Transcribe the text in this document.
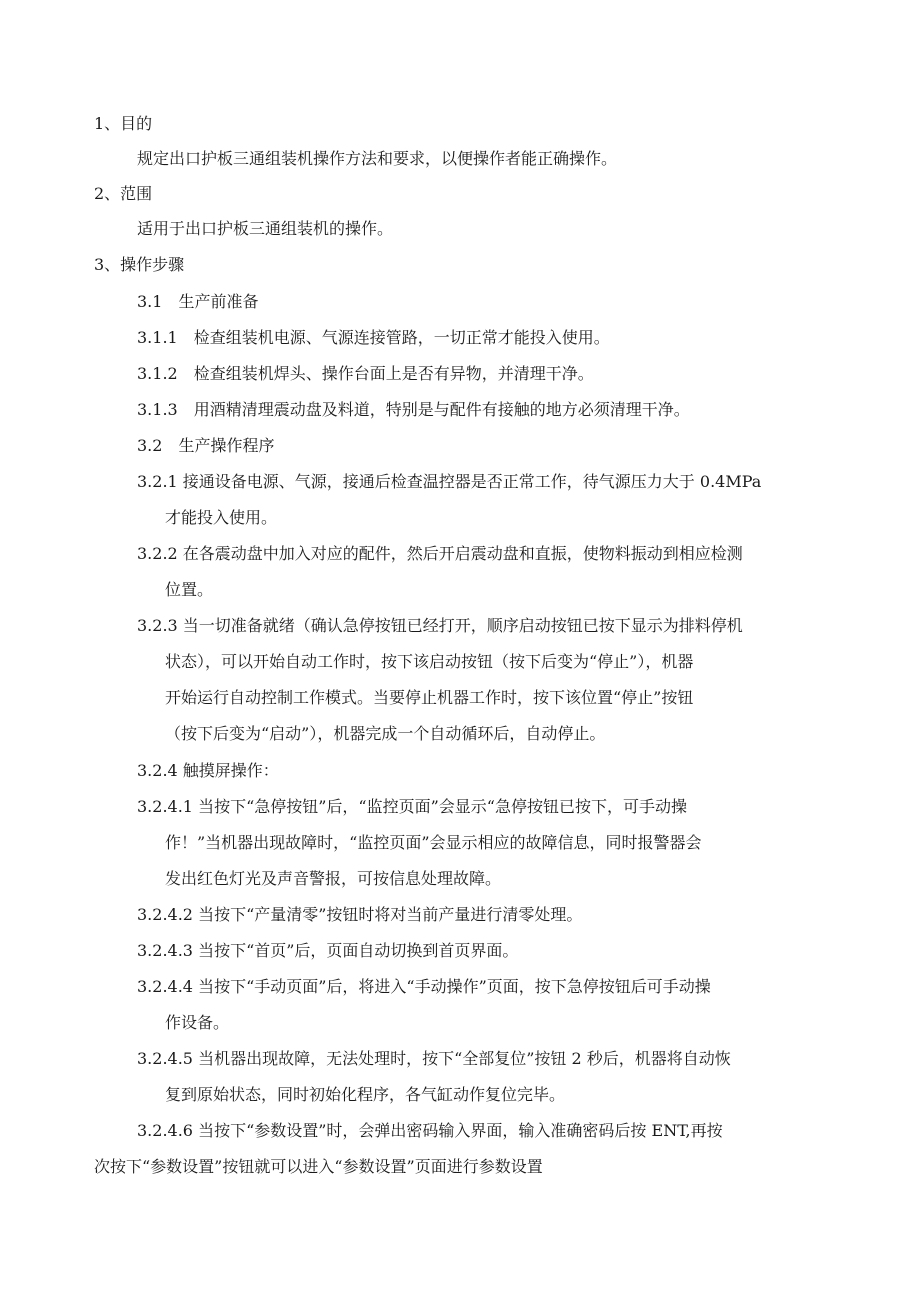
1、目的
规定出口护板三通组装机操作方法和要求，以便操作者能正确操作。
2、范围
适用于出口护板三通组装机的操作。
3、操作步骤
3.1　生产前准备
3.1.1　检查组装机电源、气源连接管路，一切正常才能投入使用。
3.1.2　检查组装机焊头、操作台面上是否有异物，并清理干净。
3.1.3　用酒精清理震动盘及料道，特别是与配件有接触的地方必须清理干净。
3.2　生产操作程序
3.2.1 接通设备电源、气源，接通后检查温控器是否正常工作，待气源压力大于 0.4MPa
才能投入使用。
3.2.2 在各震动盘中加入对应的配件，然后开启震动盘和直振，使物料振动到相应检测
位置。
3.2.3 当一切准备就绪（确认急停按钮已经打开，顺序启动按钮已按下显示为排料停机
状态），可以开始自动工作时，按下该启动按钮（按下后变为“停止”），机器
开始运行自动控制工作模式。当要停止机器工作时，按下该位置“停止”按钮
（按下后变为“启动”），机器完成一个自动循环后，自动停止。
3.2.4 触摸屏操作：
3.2.4.1 当按下“急停按钮”后，“监控页面”会显示“急停按钮已按下，可手动操
作！”当机器出现故障时，“监控页面”会显示相应的故障信息，同时报警器会
发出红色灯光及声音警报，可按信息处理故障。
3.2.4.2 当按下“产量清零”按钮时将对当前产量进行清零处理。
3.2.4.3 当按下“首页”后，页面自动切换到首页界面。
3.2.4.4 当按下“手动页面”后，将进入“手动操作”页面，按下急停按钮后可手动操
作设备。
3.2.4.5 当机器出现故障，无法处理时，按下“全部复位”按钮 2 秒后，机器将自动恢
复到原始状态，同时初始化程序，各气缸动作复位完毕。
3.2.4.6 当按下“参数设置”时，会弹出密码输入界面，输入准确密码后按 ENT,再按
次按下“参数设置”按钮就可以进入“参数设置”页面进行参数设置
